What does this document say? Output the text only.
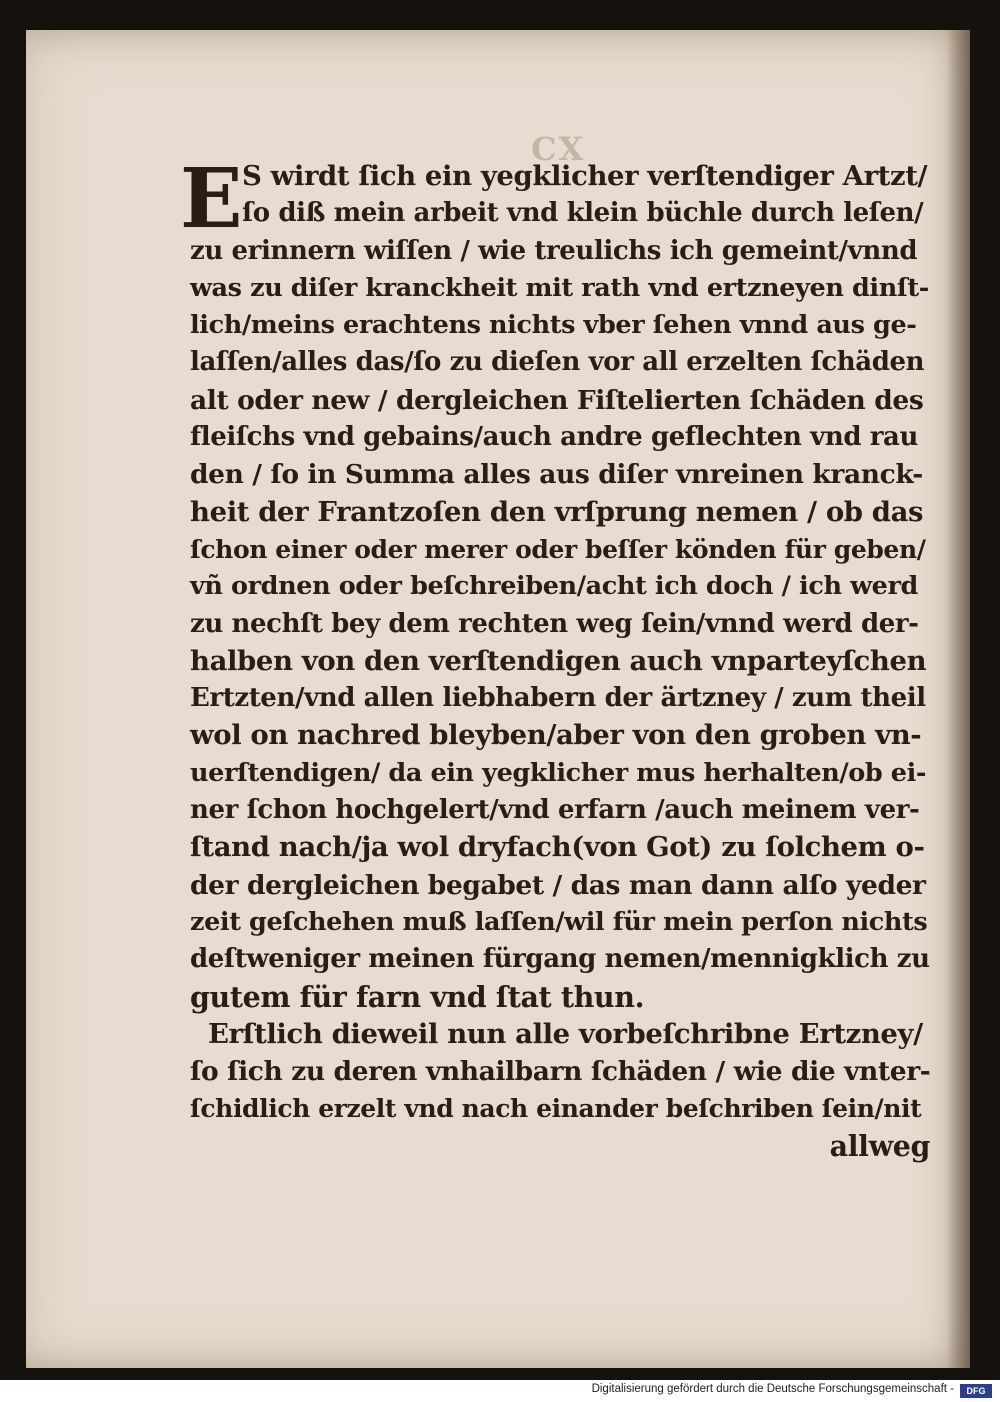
CX
E S wirdt ſich ein yegklicher verſtendiger Artzt/
ſo diß mein arbeit vnd klein büchle durch leſen/
zu erinnern wiſſen / wie treulichs ich gemeint/vnnd
was zu diſer kranckheit mit rath vnd ertzneyen dinſt-
lich/meins erachtens nichts vber ſehen vnnd aus ge-
laſſen/alles das/ſo zu dieſen vor all erzelten ſchäden
alt oder new / dergleichen Fiſtelierten ſchäden des
fleiſchs vnd gebains/auch andre geflechten vnd rau
den / ſo in Summa alles aus diſer vnreinen kranck-
heit der Frantzoſen den vrſprung nemen / ob das
ſchon einer oder merer oder beſſer könden für geben/
vñ ordnen oder beſchreiben/acht ich doch / ich werd
zu nechſt bey dem rechten weg ſein/vnnd werd der-
halben von den verſtendigen auch vnparteyſchen
Ertzten/vnd allen liebhabern der ärtzney / zum theil
wol on nachred bleyben/aber von den groben vn-
uerſtendigen/ da ein yegklicher mus herhalten/ob ei-
ner ſchon hochgelert/vnd erfarn /auch meinem ver-
ſtand nach/ja wol dryfach(von Got) zu ſolchem o-
der dergleichen begabet / das man dann alſo yeder
zeit geſchehen muß laſſen/wil für mein perſon nichts
deſtweniger meinen fürgang nemen/mennigklich zu
gutem für farn vnd ſtat thun.
Erſtlich dieweil nun alle vorbeſchribne Ertzney/
ſo ſich zu deren vnhailbarn ſchäden / wie die vnter-
ſchidlich erzelt vnd nach einander beſchriben ſein/nit
allweg
Digitalisierung gefördert durch die Deutsche Forschungsgemeinschaft -	DFG
